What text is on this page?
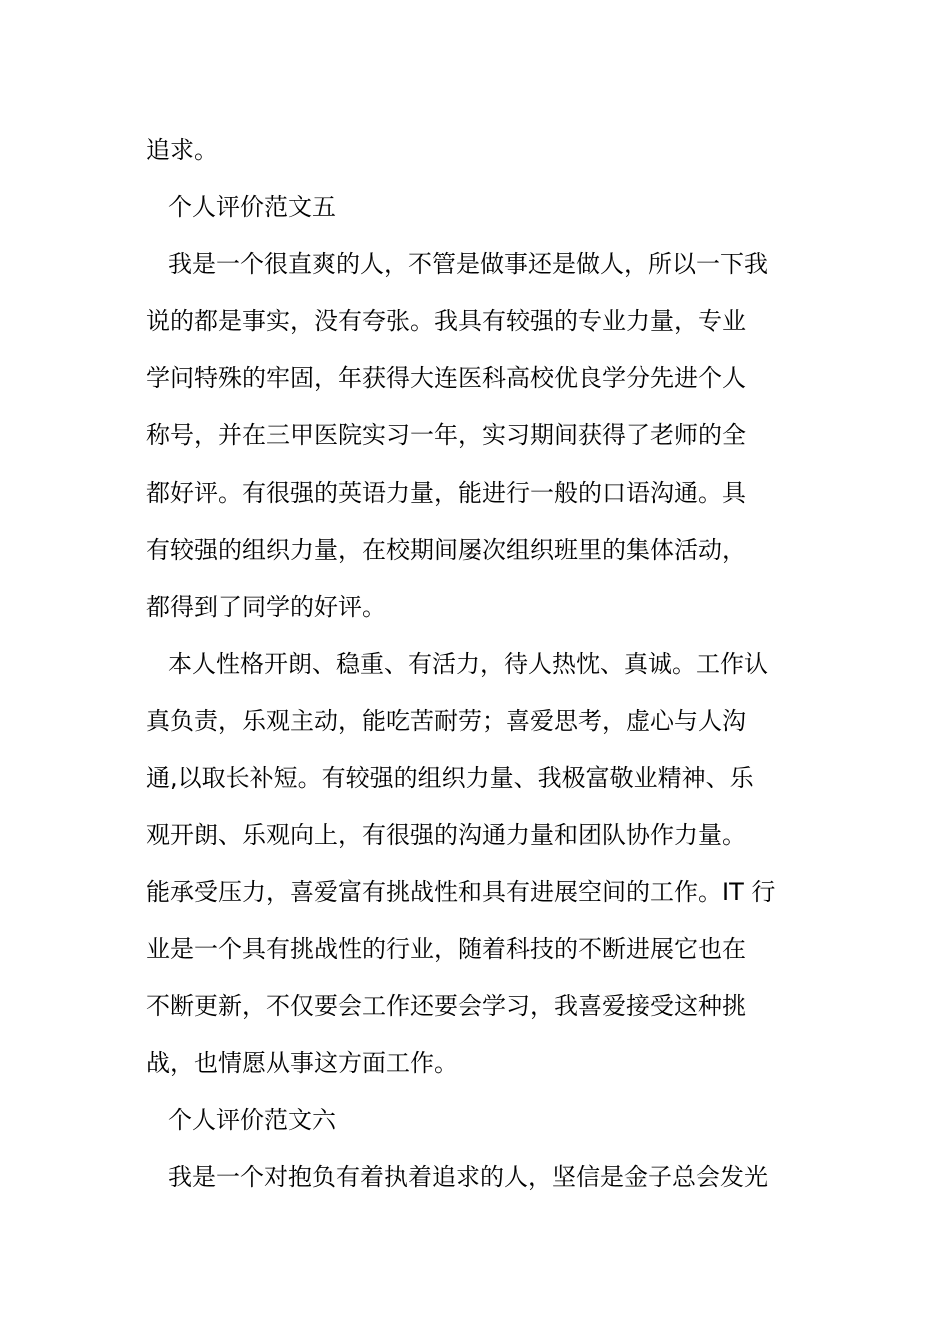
追求。
个人评价范文五
我是一个很直爽的人，不管是做事还是做人，所以一下我
说的都是事实，没有夸张。我具有较强的专业力量，专业
学问特殊的牢固，年获得大连医科高校优良学分先进个人
称号，并在三甲医院实习一年，实习期间获得了老师的全
都好评。有很强的英语力量，能进行一般的口语沟通。具
有较强的组织力量，在校期间屡次组织班里的集体活动，
都得到了同学的好评。
本人性格开朗、稳重、有活力，待人热忱、真诚。工作认
真负责，乐观主动，能吃苦耐劳；喜爱思考，虚心与人沟
通,以取长补短。有较强的组织力量、我极富敬业精神、乐
观开朗、乐观向上，有很强的沟通力量和团队协作力量。
能承受压力，喜爱富有挑战性和具有进展空间的工作。IT 行
业是一个具有挑战性的行业，随着科技的不断进展它也在
不断更新，不仅要会工作还要会学习，我喜爱接受这种挑
战，也情愿从事这方面工作。
个人评价范文六
我是一个对抱负有着执着追求的人，坚信是金子总会发光
